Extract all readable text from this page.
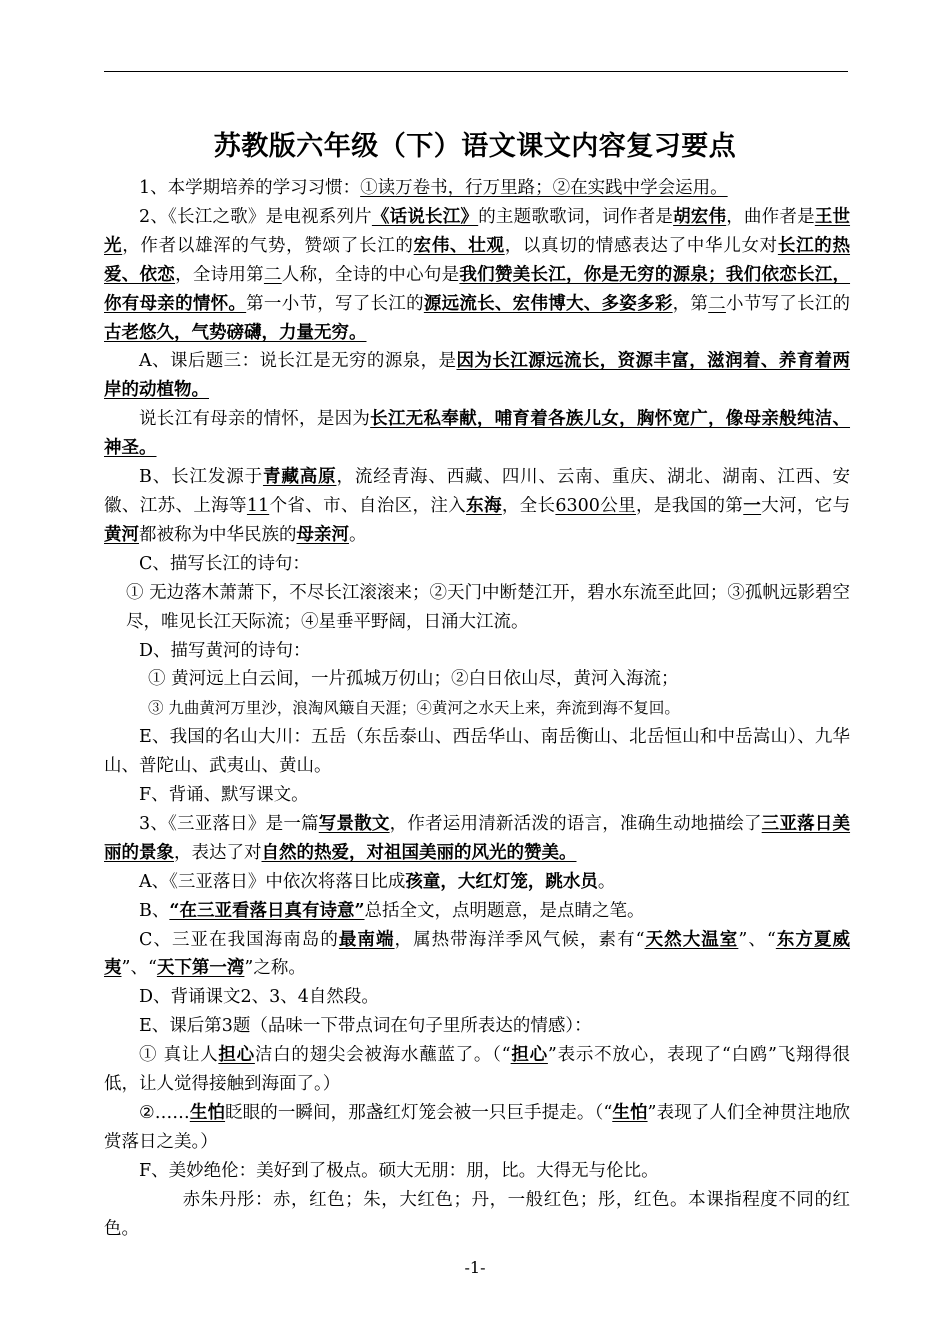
苏教版六年级（下）语文课文内容复习要点

1、本学期培养的学习习惯：①读万卷书，行万里路；②在实践中学会运用。

2、《长江之歌》是电视系列片《话说长江》的主题歌歌词，词作者是胡宏伟，曲作者是王世光，作者以雄浑的气势，赞颂了长江的宏伟、壮观，以真切的情感表达了中华儿女对长江的热爱、依恋，全诗用第二人称，全诗的中心句是我们赞美长江，你是无穷的源泉；我们依恋长江，你有母亲的情怀。第一小节，写了长江的源远流长、宏伟博大、多姿多彩，第二小节写了长江的古老悠久，气势磅礴，力量无穷。

A、课后题三：说长江是无穷的源泉，是因为长江源远流长，资源丰富，滋润着、养育着两岸的动植物。

说长江有母亲的情怀，是因为长江无私奉献，哺育着各族儿女，胸怀宽广，像母亲般纯洁、神圣。

B、长江发源于青藏高原，流经青海、西藏、四川、云南、重庆、湖北、湖南、江西、安徽、江苏、上海等11个省、市、自治区，注入东海，全长6300公里，是我国的第一大河，它与黄河都被称为中华民族的母亲河。

C、描写长江的诗句：

① 无边落木萧萧下，不尽长江滚滚来；②天门中断楚江开，碧水东流至此回；③孤帆远影碧空尽，唯见长江天际流；④星垂平野阔，日涌大江流。

D、描写黄河的诗句：

① 黄河远上白云间，一片孤城万仞山；②白日依山尽，黄河入海流；

③ 九曲黄河万里沙，浪淘风簸自天涯；④黄河之水天上来，奔流到海不复回。

E、我国的名山大川：五岳（东岳泰山、西岳华山、南岳衡山、北岳恒山和中岳嵩山）、九华山、普陀山、武夷山、黄山。

F、背诵、默写课文。

3、《三亚落日》是一篇写景散文，作者运用清新活泼的语言，准确生动地描绘了三亚落日美丽的景象，表达了对自然的热爱，对祖国美丽的风光的赞美。

A、《三亚落日》中依次将落日比成孩童，大红灯笼，跳水员。

B、“在三亚看落日真有诗意”总括全文，点明题意，是点睛之笔。

C、三亚在我国海南岛的最南端，属热带海洋季风气候，素有“天然大温室”、“东方夏威夷”、“天下第一湾”之称。

D、背诵课文2、3、4自然段。

E、课后第3题（品味一下带点词在句子里所表达的情感）：

① 真让人担心洁白的翅尖会被海水蘸蓝了。（“担心”表示不放心，表现了“白鸥”飞翔得很低，让人觉得接触到海面了。）

②……生怕眨眼的一瞬间，那盏红灯笼会被一只巨手提走。（“生怕”表现了人们全神贯注地欣赏落日之美。）

F、美妙绝伦：美好到了极点。硕大无朋：朋，比。大得无与伦比。

赤朱丹彤：赤，红色；朱，大红色；丹，一般红色；彤，红色。本课指程度不同的红色。

-1-
